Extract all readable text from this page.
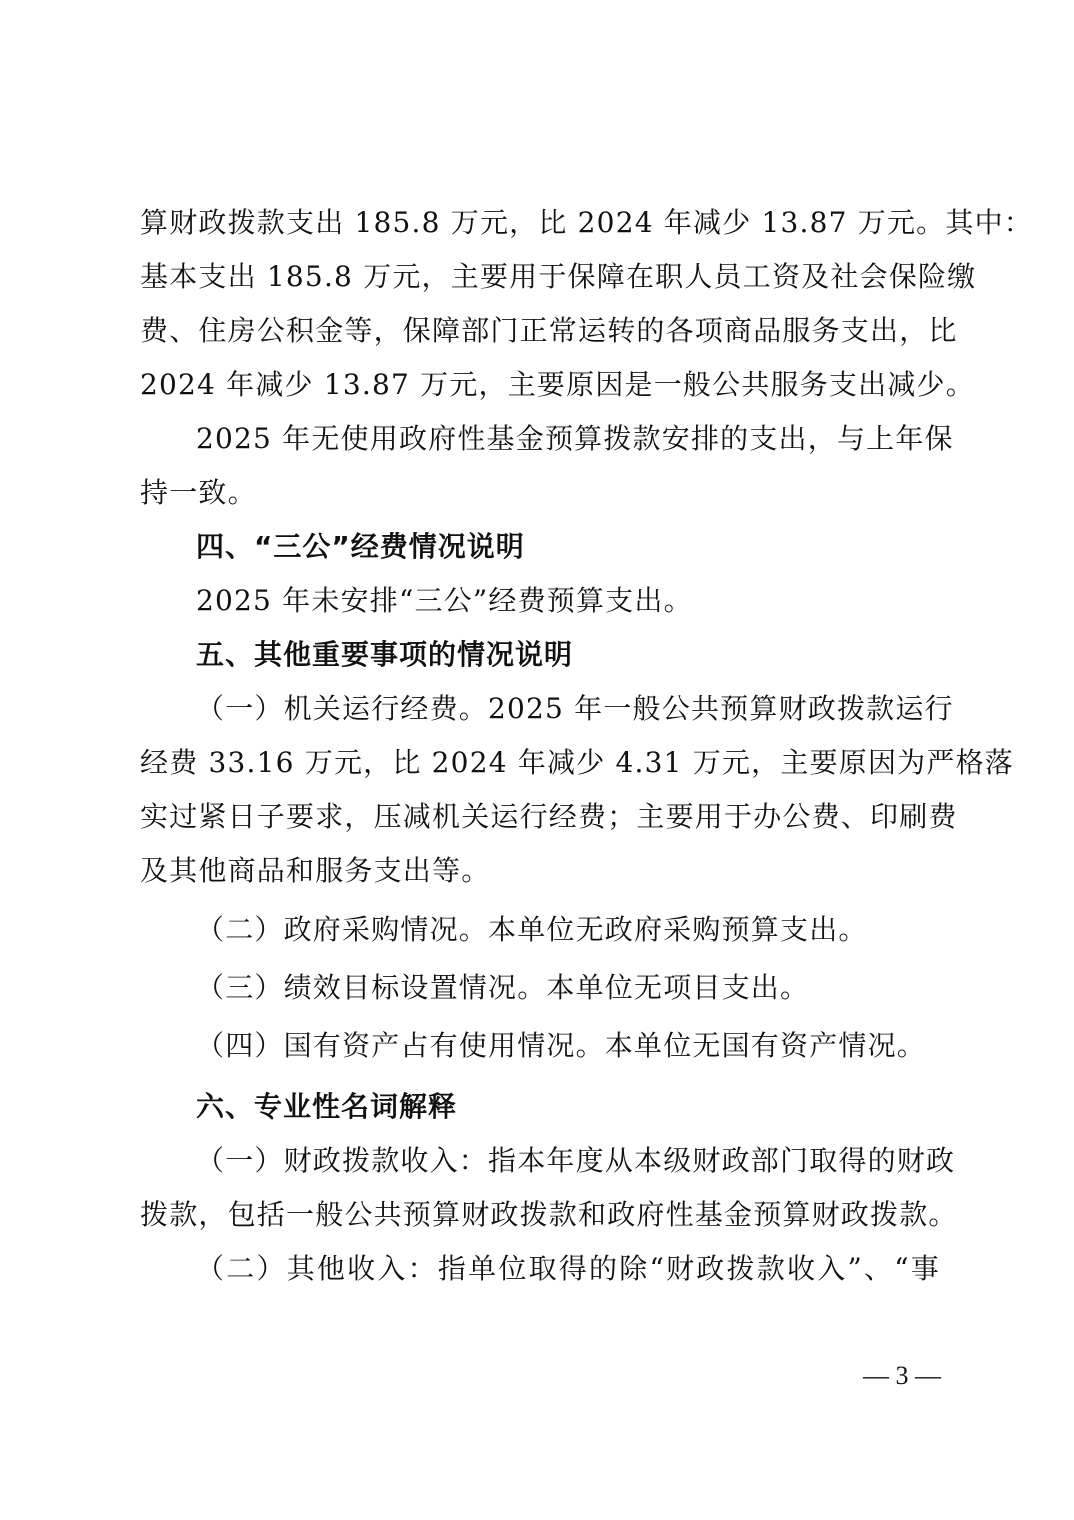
算财政拨款支出 185.8 万元，比 2024 年减少 13.87 万元。其中：
基本支出 185.8 万元，主要用于保障在职人员工资及社会保险缴
费、住房公积金等，保障部门正常运转的各项商品服务支出，比
2024 年减少 13.87 万元，主要原因是一般公共服务支出减少。
2025 年无使用政府性基金预算拨款安排的支出，与上年保
持一致。
四、“三公”经费情况说明
2025 年未安排“三公”经费预算支出。
五、其他重要事项的情况说明
（一）机关运行经费。2025 年一般公共预算财政拨款运行
经费 33.16 万元，比 2024 年减少 4.31 万元，主要原因为严格落
实过紧日子要求，压减机关运行经费；主要用于办公费、印刷费
及其他商品和服务支出等。
（二）政府采购情况。本单位无政府采购预算支出。
（三）绩效目标设置情况。本单位无项目支出。
（四）国有资产占有使用情况。本单位无国有资产情况。
六、专业性名词解释
（一）财政拨款收入：指本年度从本级财政部门取得的财政
拨款，包括一般公共预算财政拨款和政府性基金预算财政拨款。
（二）其他收入：指单位取得的除“财政拨款收入”、“事
— 3 —
